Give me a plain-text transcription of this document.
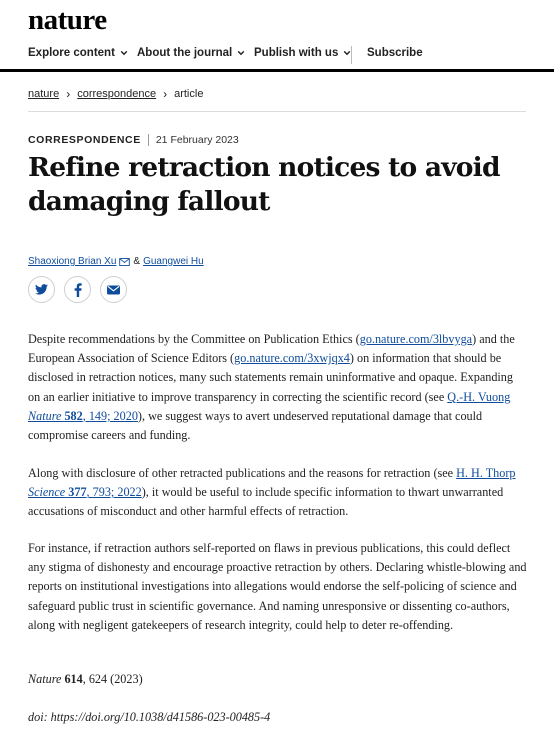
nature
Explore content About the journal Publish with us Subscribe
nature › correspondence › article
CORRESPONDENCE 21 February 2023
Refine retraction notices to avoid damaging fallout
Shaoxiong Brian Xu & Guangwei Hu

Despite recommendations by the Committee on Publication Ethics (go.nature.com/3lbvyga) and the European Association of Science Editors (go.nature.com/3xwjqx4) on information that should be disclosed in retraction notices, many such statements remain uninformative and opaque. Expanding on an earlier initiative to improve transparency in correcting the scientific record (see Q.-H. Vuong Nature 582, 149; 2020), we suggest ways to avert undeserved reputational damage that could compromise careers and funding.

Along with disclosure of other retracted publications and the reasons for retraction (see H. H. Thorp Science 377, 793; 2022), it would be useful to include specific information to thwart unwarranted accusations of misconduct and other harmful effects of retraction.

For instance, if retraction authors self-reported on flaws in previous publications, this could deflect any stigma of dishonesty and encourage proactive retraction by others. Declaring whistle-blowing and reports on institutional investigations into allegations would endorse the self-policing of science and safeguard public trust in scientific governance. And naming unresponsive or dissenting co-authors, along with negligent gatekeepers of research integrity, could help to deter re-offending.

Nature 614, 624 (2023)
doi: https://doi.org/10.1038/d41586-023-00485-4
